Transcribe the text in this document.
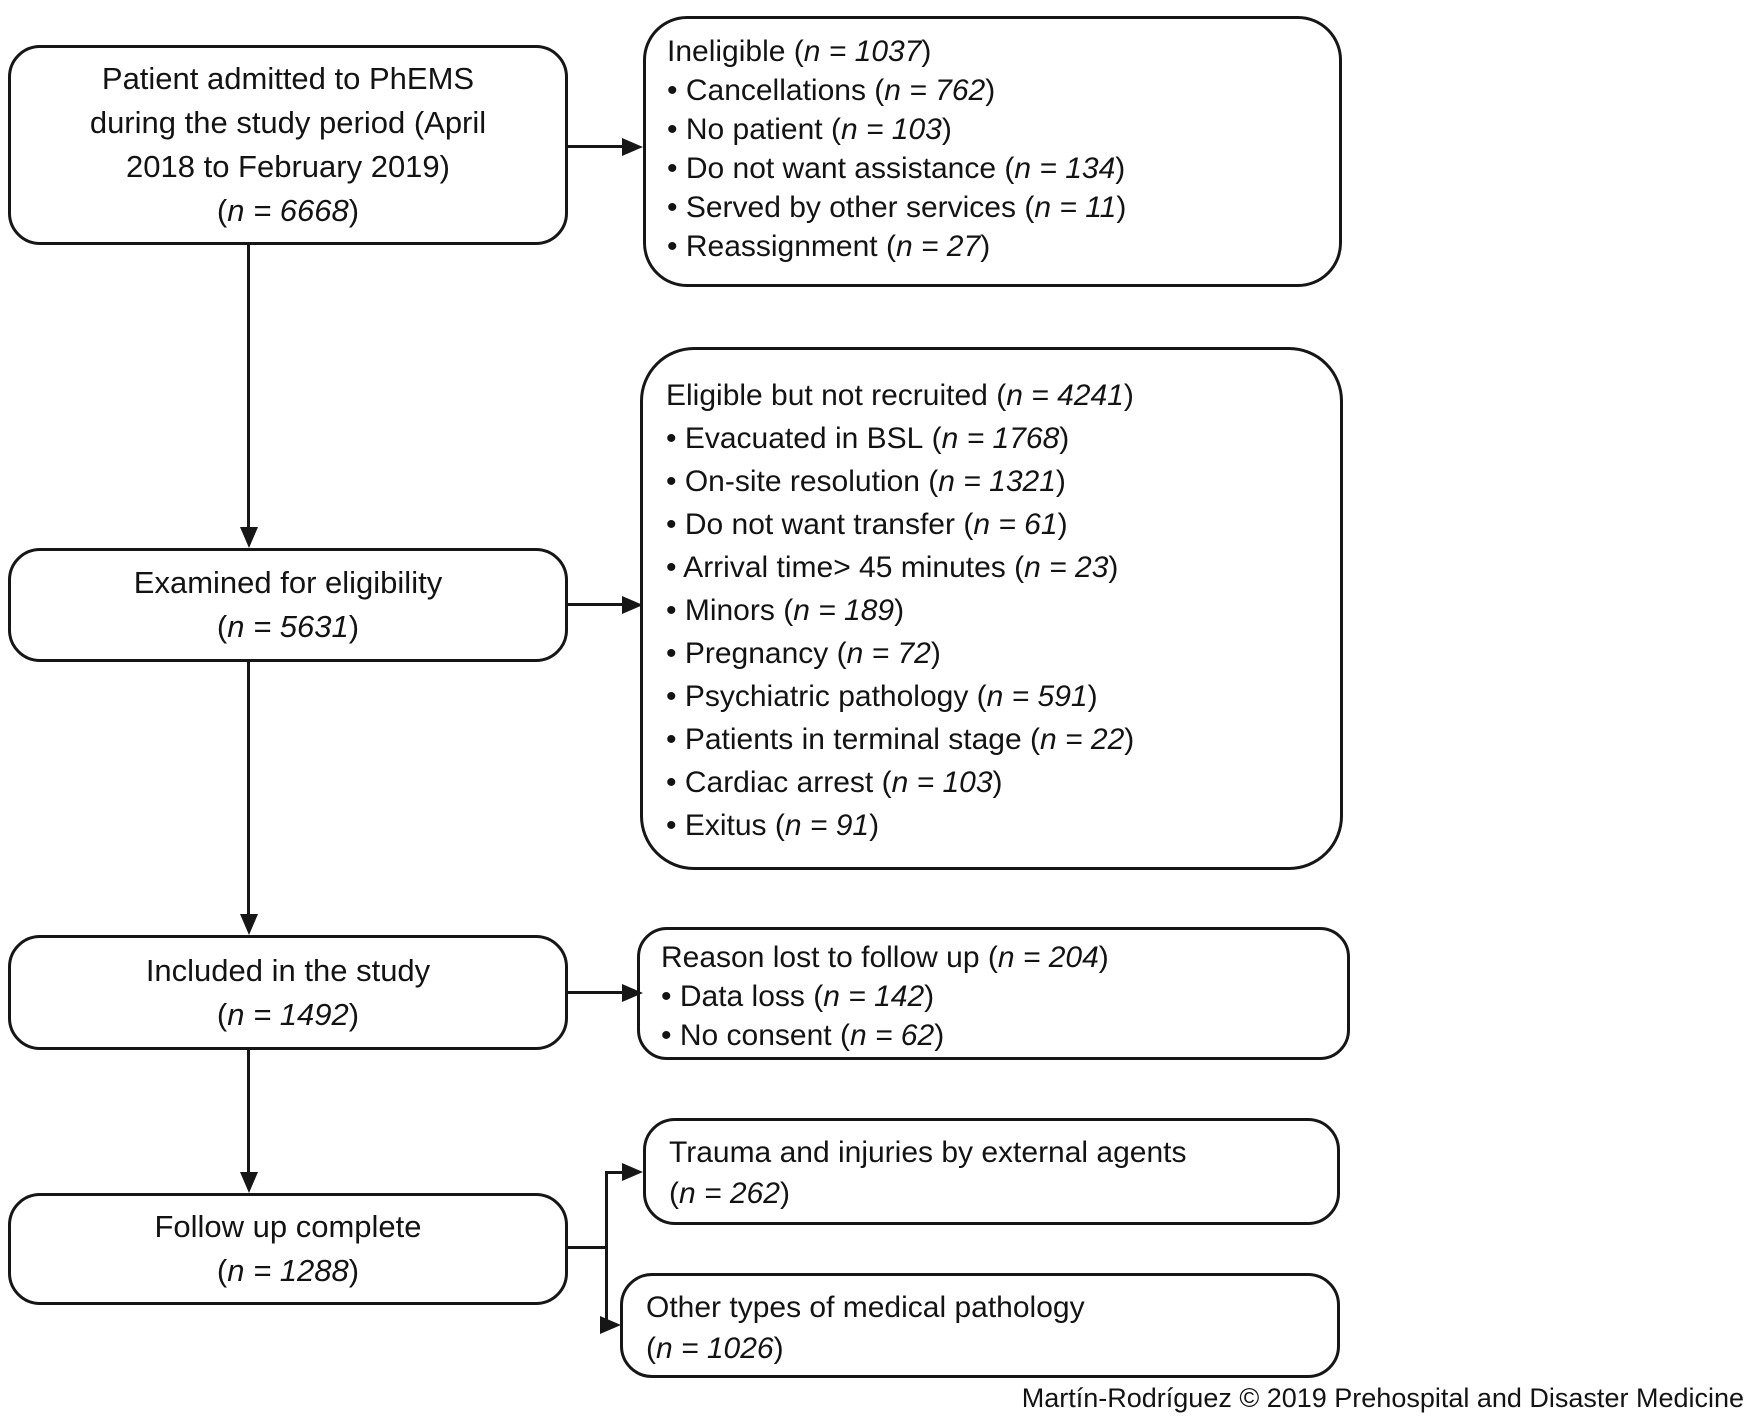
Patient admitted to PhEMS
during the study period (April
2018 to February 2019)
(n = 6668)
Examined for eligibility
(n = 5631)
Included in the study
(n = 1492)
Follow up complete
(n = 1288)
Ineligible (n = 1037)
• Cancellations (n = 762)
• No patient (n = 103)
• Do not want assistance (n = 134)
• Served by other services (n = 11)
• Reassignment (n = 27)
Eligible but not recruited (n = 4241)
• Evacuated in BSL (n = 1768)
• On-site resolution (n = 1321)
• Do not want transfer (n = 61)
• Arrival time> 45 minutes (n = 23)
• Minors (n = 189)
• Pregnancy (n = 72)
• Psychiatric pathology (n = 591)
• Patients in terminal stage (n = 22)
• Cardiac arrest (n = 103)
• Exitus (n = 91)
Reason lost to follow up (n = 204)
• Data loss (n = 142)
• No consent (n = 62)
Trauma and injuries by external agents
(n = 262)
Other types of medical pathology
(n = 1026)
Martín-Rodríguez © 2019 Prehospital and Disaster Medicine
